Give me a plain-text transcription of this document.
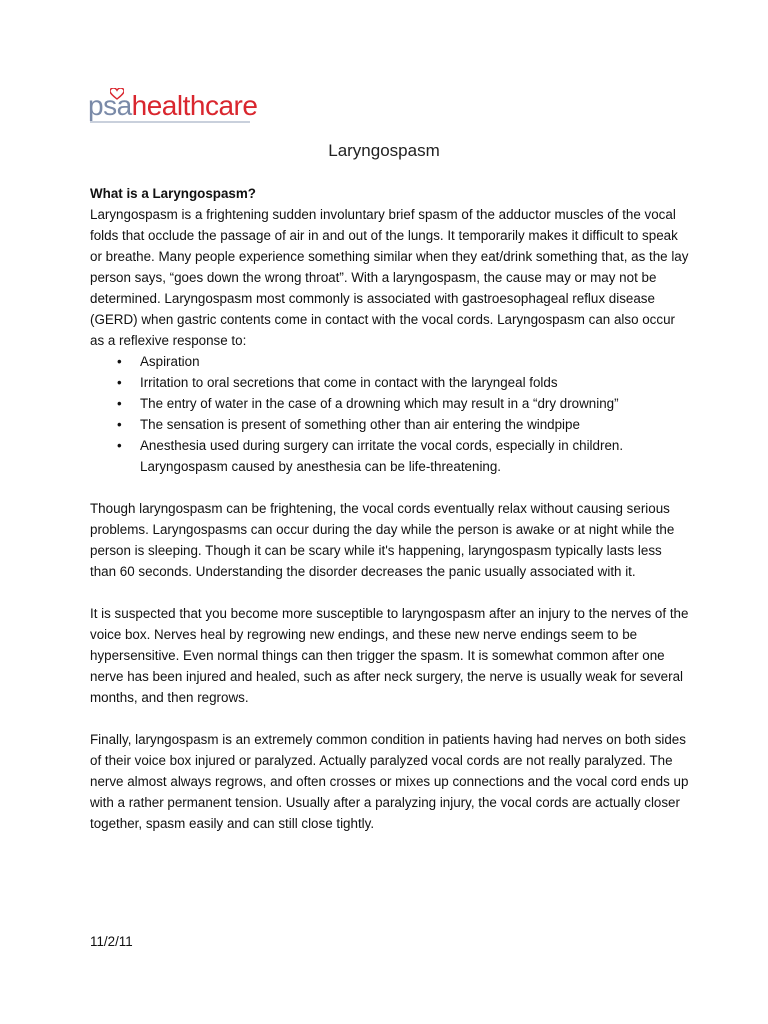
psahealthcare
Laryngospasm

What is a Laryngospasm?

Laryngospasm is a frightening sudden involuntary brief spasm of the adductor muscles of the vocal folds that occlude the passage of air in and out of the lungs. It temporarily makes it difficult to speak or breathe. Many people experience something similar when they eat/drink something that, as the lay person says, “goes down the wrong throat”. With a laryngospasm, the cause may or may not be determined. Laryngospasm most commonly is associated with gastroesophageal reflux disease (GERD) when gastric contents come in contact with the vocal cords. Laryngospasm can also occur as a reflexive response to:

• Aspiration
• Irritation to oral secretions that come in contact with the laryngeal folds
• The entry of water in the case of a drowning which may result in a “dry drowning”
• The sensation is present of something other than air entering the windpipe
• Anesthesia used during surgery can irritate the vocal cords, especially in children. Laryngospasm caused by anesthesia can be life-threatening.

Though laryngospasm can be frightening, the vocal cords eventually relax without causing serious problems. Laryngospasms can occur during the day while the person is awake or at night while the person is sleeping. Though it can be scary while it's happening, laryngospasm typically lasts less than 60 seconds. Understanding the disorder decreases the panic usually associated with it.

It is suspected that you become more susceptible to laryngospasm after an injury to the nerves of the voice box. Nerves heal by regrowing new endings, and these new nerve endings seem to be hypersensitive. Even normal things can then trigger the spasm. It is somewhat common after one nerve has been injured and healed, such as after neck surgery, the nerve is usually weak for several months, and then regrows.

Finally, laryngospasm is an extremely common condition in patients having had nerves on both sides of their voice box injured or paralyzed. Actually paralyzed vocal cords are not really paralyzed. The nerve almost always regrows, and often crosses or mixes up connections and the vocal cord ends up with a rather permanent tension. Usually after a paralyzing injury, the vocal cords are actually closer together, spasm easily and can still close tightly.

11/2/11
